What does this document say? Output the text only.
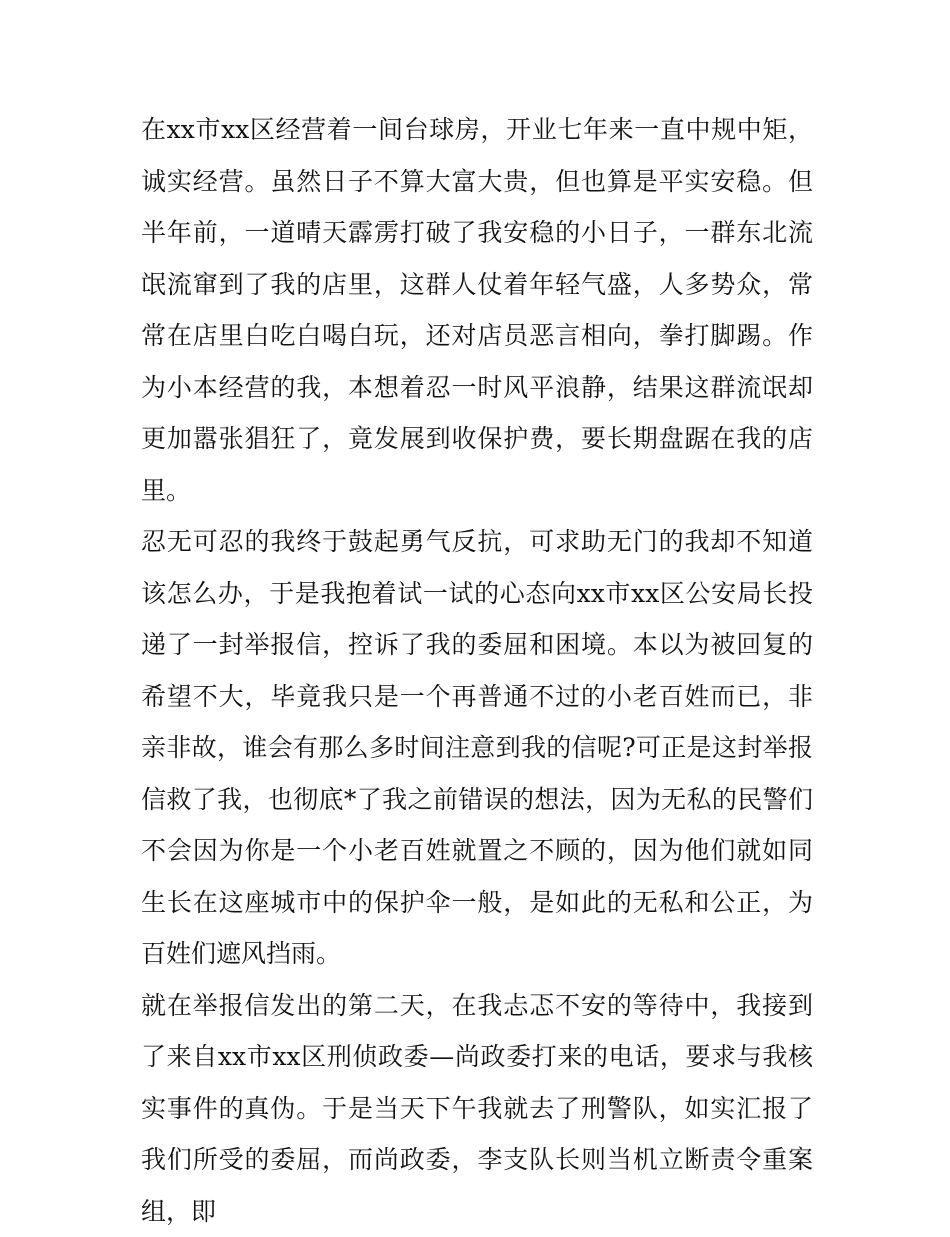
在xx市xx区经营着一间台球房，开业七年来一直中规中矩，诚实经营。虽然日子不算大富大贵，但也算是平实安稳。但半年前，一道晴天霹雳打破了我安稳的小日子，一群东北流氓流窜到了我的店里，这群人仗着年轻气盛，人多势众，常常在店里白吃白喝白玩，还对店员恶言相向，拳打脚踢。作为小本经营的我，本想着忍一时风平浪静，结果这群流氓却更加嚣张猖狂了，竟发展到收保护费，要长期盘踞在我的店里。

忍无可忍的我终于鼓起勇气反抗，可求助无门的我却不知道该怎么办，于是我抱着试一试的心态向xx市xx区公安局长投递了一封举报信，控诉了我的委屈和困境。本以为被回复的希望不大，毕竟我只是一个再普通不过的小老百姓而已，非亲非故，谁会有那么多时间注意到我的信呢?可正是这封举报信救了我，也彻底*了我之前错误的想法，因为无私的民警们不会因为你是一个小老百姓就置之不顾的，因为他们就如同生长在这座城市中的保护伞一般，是如此的无私和公正，为百姓们遮风挡雨。

就在举报信发出的第二天，在我忐忑不安的等待中，我接到了来自xx市xx区刑侦政委—尚政委打来的电话，要求与我核实事件的真伪。于是当天下午我就去了刑警队，如实汇报了我们所受的委屈，而尚政委，李支队长则当机立断责令重案组，即
